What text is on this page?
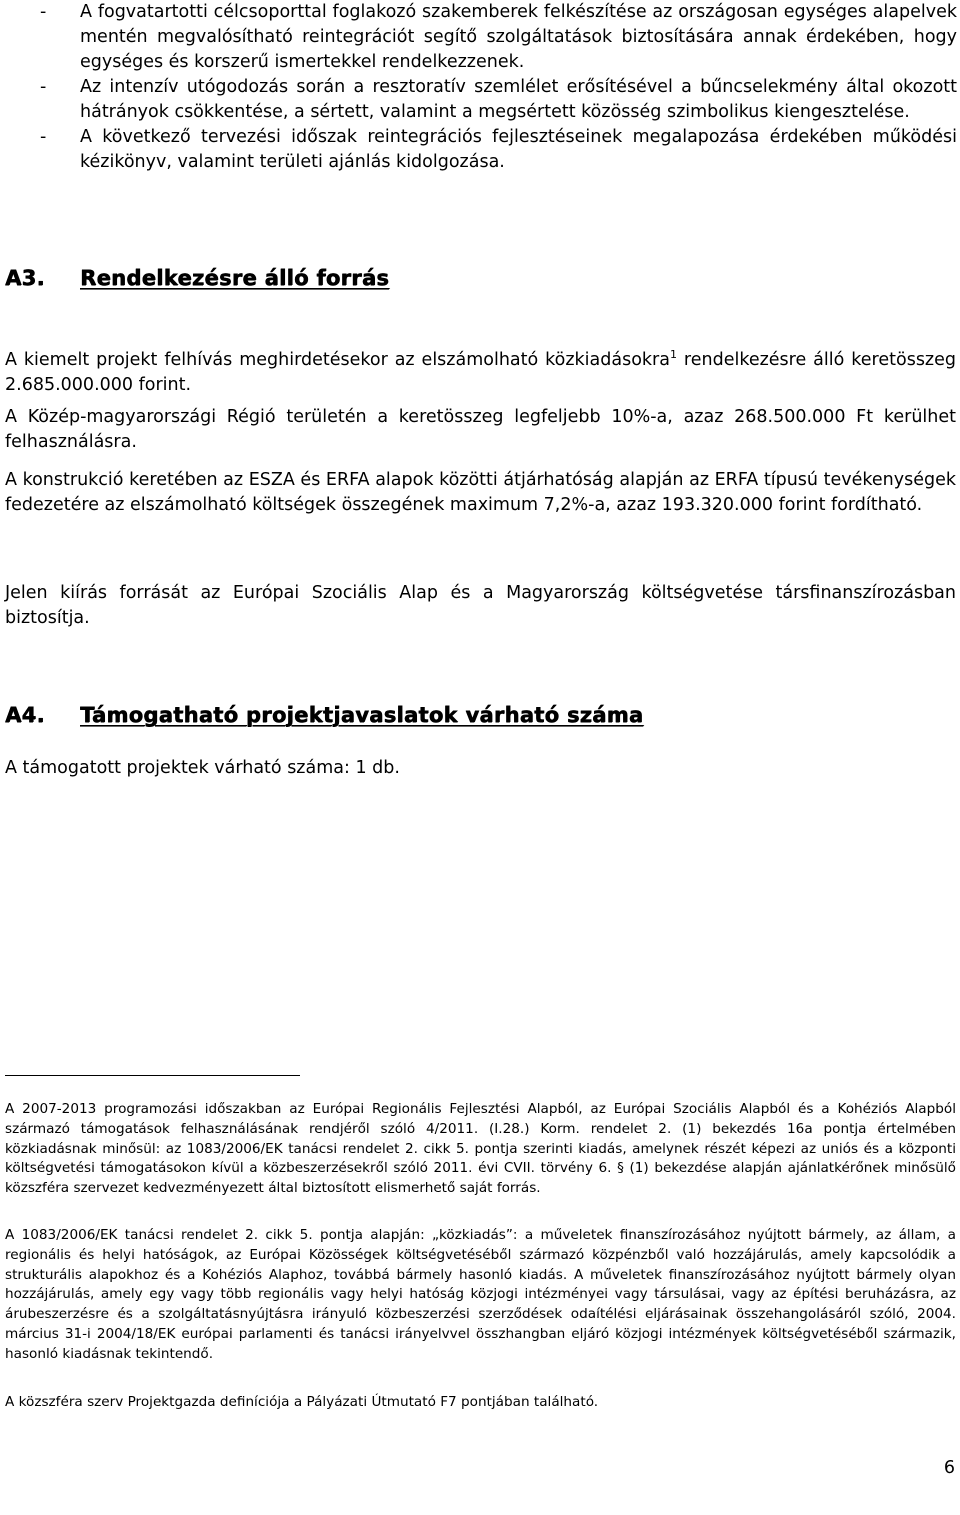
-	A fogvatartotti célcsoporttal foglakozó szakemberek felkészítése az országosan egységes alapelvek mentén megvalósítható reintegrációt segítő szolgáltatások biztosítására annak érdekében, hogy egységes és korszerű ismertekkel rendelkezzenek.

-	Az intenzív utógodozás során a resztoratív szemlélet erősítésével a bűncselekmény által okozott hátrányok csökkentése, a sértett, valamint a megsértett közösség szimbolikus kiengesztelése.

-	A következő tervezési időszak reintegrációs fejlesztéseinek megalapozása érdekében működési kézikönyv, valamint területi ajánlás kidolgozása.

A3.	Rendelkezésre álló forrás

A kiemelt projekt felhívás meghirdetésekor az elszámolható közkiadásokra$^1$ rendelkezésre álló keretösszeg 2.685.000.000 forint.

A Közép-magyarországi Régió területén a keretösszeg legfeljebb 10%-a, azaz 268.500.000 Ft kerülhet felhasználásra.

A konstrukció keretében az ESZA és ERFA alapok közötti átjárhatóság alapján az ERFA típusú tevékenységek fedezetére az elszámolható költségek összegének maximum 7,2%-a, azaz 193.320.000 forint fordítható.

Jelen kiírás forrását az Európai Szociális Alap és a Magyarország költségvetése társfinanszírozásban biztosítja.

A4.	Támogatható projektjavaslatok várható száma

A támogatott projektek várható száma: 1 db.

A 2007-2013 programozási időszakban az Európai Regionális Fejlesztési Alapból, az Európai Szociális Alapból és a Kohéziós Alapból származó támogatások felhasználásának rendjéről szóló 4/2011. (I.28.) Korm. rendelet 2. (1) bekezdés 16a pontja értelmében közkiadásnak minősül: az 1083/2006/EK tanácsi rendelet 2. cikk 5. pontja szerinti kiadás, amelynek részét képezi az uniós és a központi költségvetési támogatásokon kívül a közbeszerzésekről szóló 2011. évi CVII. törvény 6. § (1) bekezdése alapján ajánlatkérőnek minősülő közszféra szervezet kedvezményezett által biztosított elismerhető saját forrás.

A 1083/2006/EK tanácsi rendelet 2. cikk 5. pontja alapján: „közkiadás”: a műveletek finanszírozásához nyújtott bármely, az állam, a regionális és helyi hatóságok, az Európai Közösségek költségvetéséből származó közpénzből való hozzájárulás, amely kapcsolódik a strukturális alapokhoz és a Kohéziós Alaphoz, továbbá bármely hasonló kiadás. A műveletek finanszírozásához nyújtott bármely olyan hozzájárulás, amely egy vagy több regionális vagy helyi hatóság közjogi intézményei vagy társulásai, vagy az építési beruházásra, az árubeszerzésre és a szolgáltatásnyújtásra irányuló közbeszerzési szerződések odaítélési eljárásainak összehangolásáról szóló, 2004. március 31-i 2004/18/EK európai parlamenti és tanácsi irányelvvel összhangban eljáró közjogi intézmények költségvetéséből származik, hasonló kiadásnak tekintendő.

A közszféra szerv Projektgazda definíciója a Pályázati Útmutató F7 pontjában található.

6
